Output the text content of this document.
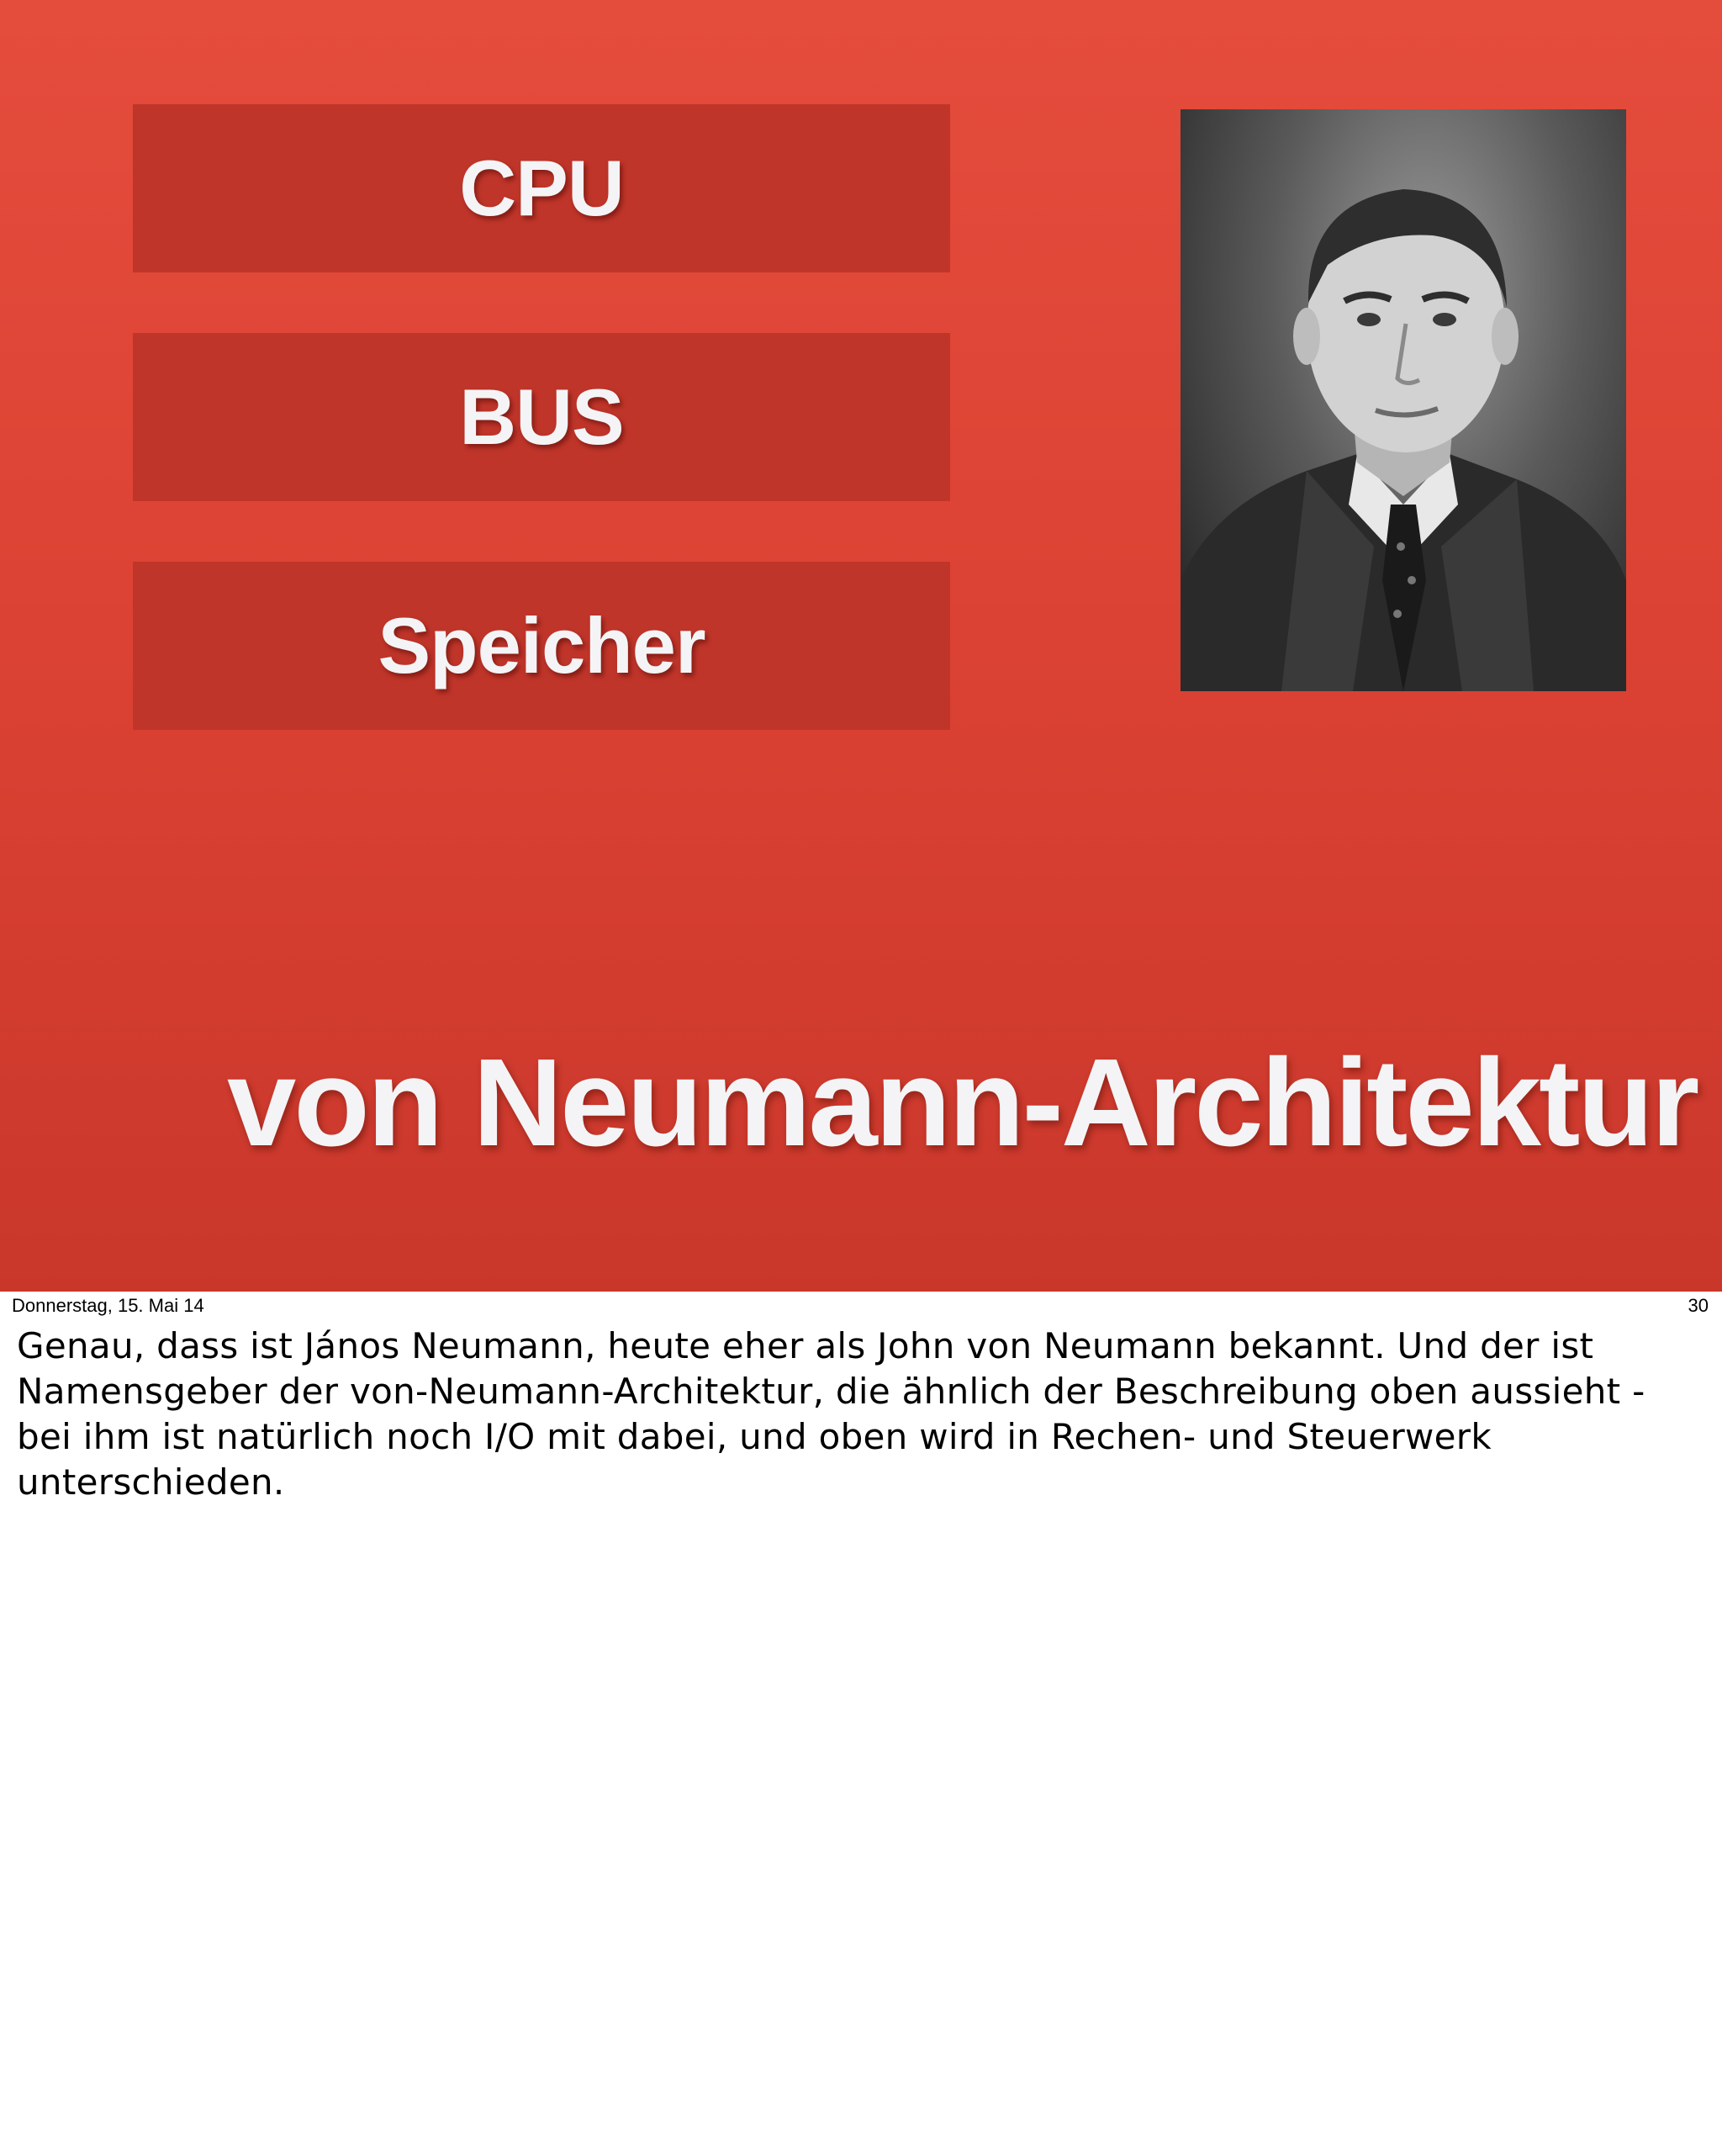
CPU
BUS
Speicher
von Neumann-Architektur
Donnerstag, 15. Mai 14	30
Genau, dass ist János Neumann, heute eher als John von Neumann bekannt. Und der ist Namensgeber der von-Neumann-Architektur, die ähnlich der Beschreibung oben aussieht - bei ihm ist natürlich noch I/O mit dabei, und oben wird in Rechen- und Steuerwerk unterschieden.
